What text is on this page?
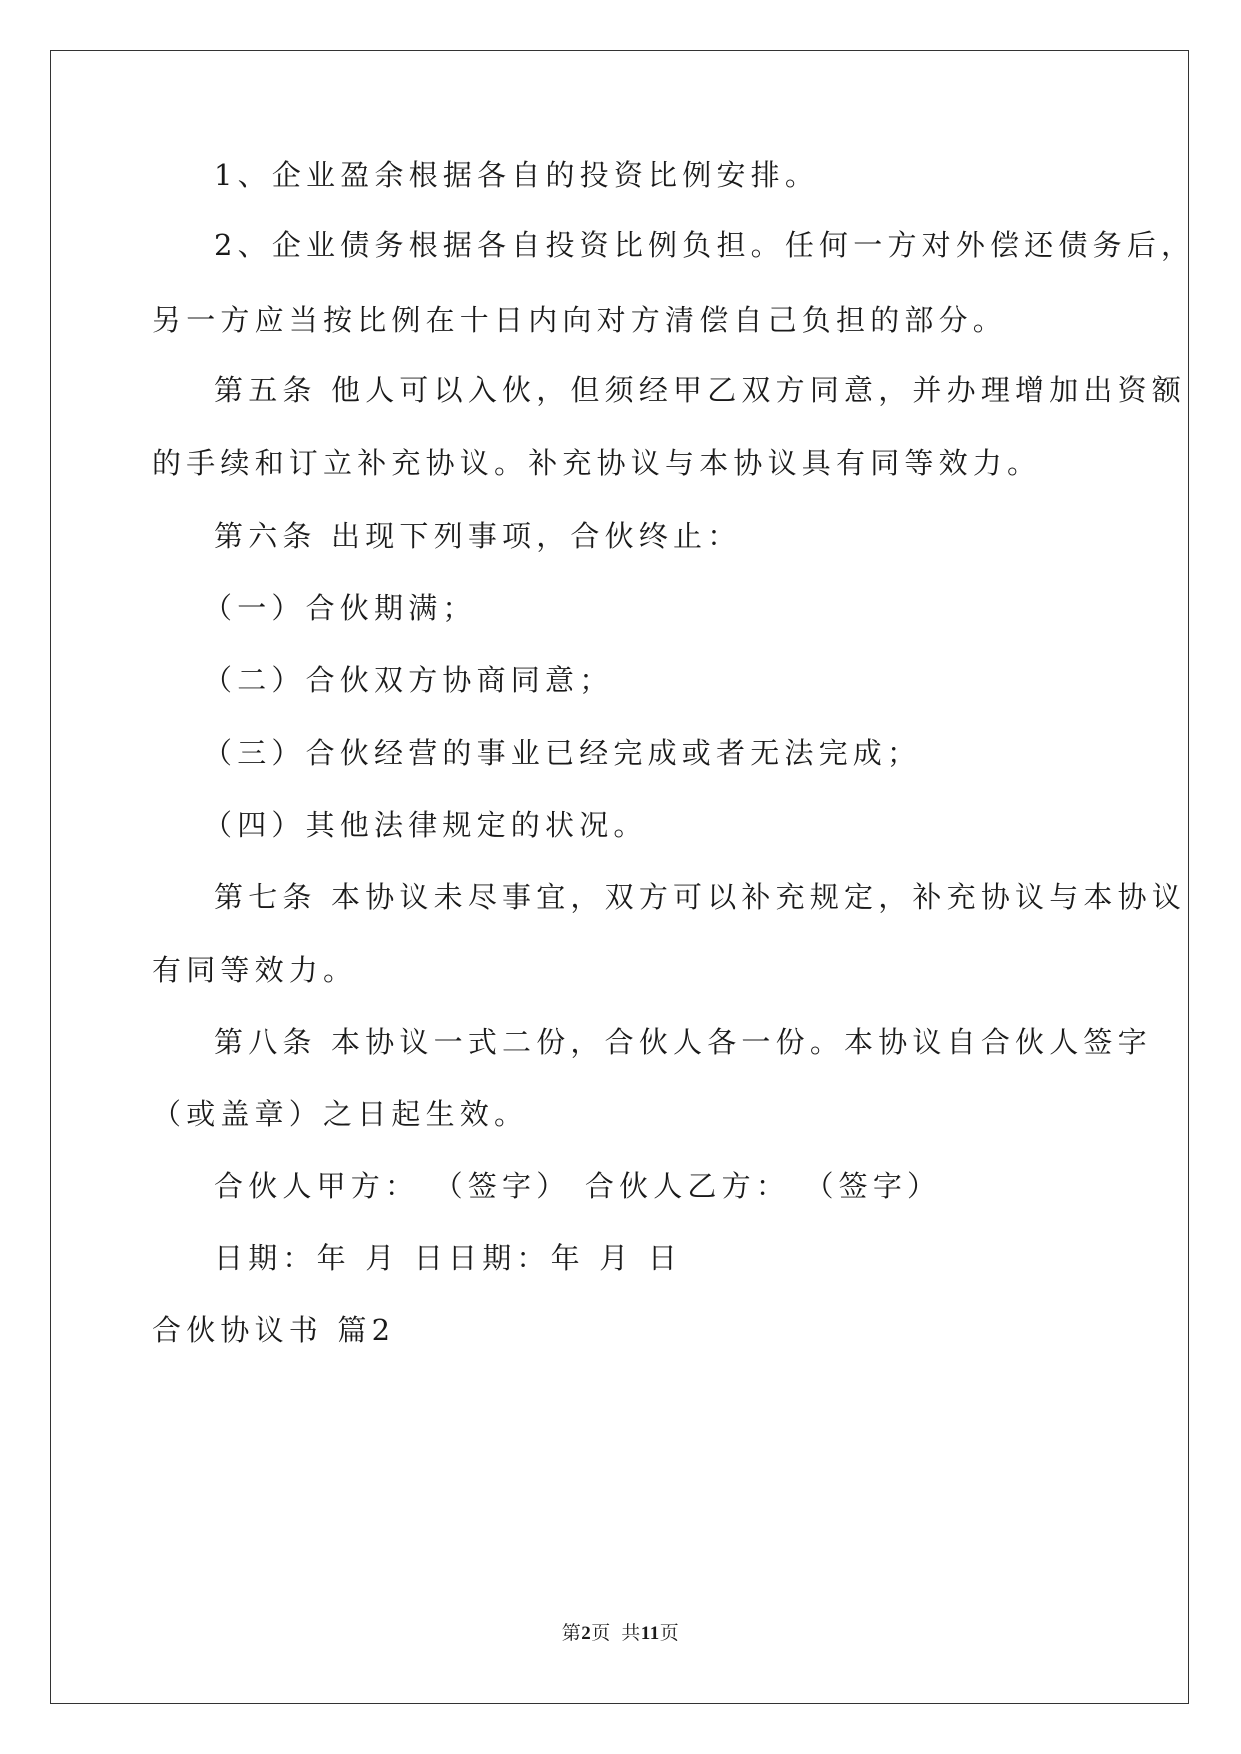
1、企业盈余根据各自的投资比例安排。
2、企业债务根据各自投资比例负担。任何一方对外偿还债务后，
另一方应当按比例在十日内向对方清偿自己负担的部分。
第五条 他人可以入伙，但须经甲乙双方同意，并办理增加出资额
的手续和订立补充协议。补充协议与本协议具有同等效力。
第六条 出现下列事项，合伙终止：
（一）合伙期满；
（二）合伙双方协商同意；
（三）合伙经营的事业已经完成或者无法完成；
（四）其他法律规定的状况。
第七条 本协议未尽事宜，双方可以补充规定，补充协议与本协议
有同等效力。
第八条 本协议一式二份，合伙人各一份。本协议自合伙人签字
（或盖章）之日起生效。
合伙人甲方： （签字） 合伙人乙方： （签字）
日期：年 月 日日期：年 月 日
合伙协议书 篇2
第2页  共11页
